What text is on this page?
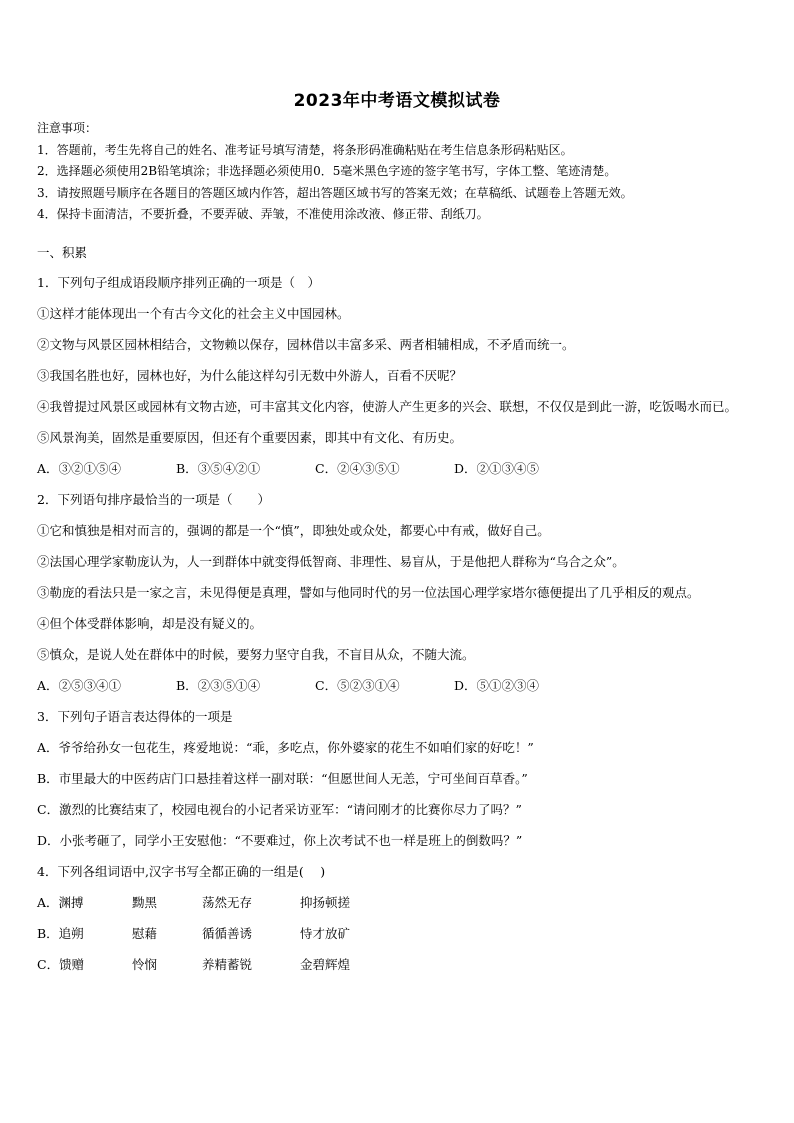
2023年中考语文模拟试卷
注意事项：
1．答题前，考生先将自己的姓名、准考证号填写清楚，将条形码准确粘贴在考生信息条形码粘贴区。
2．选择题必须使用2B铅笔填涂；非选择题必须使用0．5毫米黑色字迹的签字笔书写，字体工整、笔迹清楚。
3．请按照题号顺序在各题目的答题区域内作答，超出答题区域书写的答案无效；在草稿纸、试题卷上答题无效。
4．保持卡面清洁，不要折叠，不要弄破、弄皱，不准使用涂改液、修正带、刮纸刀。
一、积累
1．下列句子组成语段顺序排列正确的一项是（　）
①这样才能体现出一个有古今文化的社会主义中国园林。
②文物与风景区园林相结合，文物赖以保存，园林借以丰富多采、两者相辅相成，不矛盾而统一。
③我国名胜也好，园林也好，为什么能这样勾引无数中外游人，百看不厌呢？
④我曾提过风景区或园林有文物古迹，可丰富其文化内容，使游人产生更多的兴会、联想，不仅仅是到此一游，吃饭喝水而已。
⑤风景洵美，固然是重要原因，但还有个重要因素，即其中有文化、有历史。
A．③②①⑤④	B．③⑤④②①	C．②④③⑤①	D．②①③④⑤
2．下列语句排序最恰当的一项是（　　）
①它和慎独是相对而言的，强调的都是一个“慎”，即独处或众处，都要心中有戒，做好自己。
②法国心理学家勒庞认为，人一到群体中就变得低智商、非理性、易盲从，于是他把人群称为“乌合之众”。
③勒庞的看法只是一家之言，未见得便是真理，譬如与他同时代的另一位法国心理学家塔尔德便提出了几乎相反的观点。
④但个体受群体影响，却是没有疑义的。
⑤慎众，是说人处在群体中的时候，要努力坚守自我，不盲目从众，不随大流。
A．②⑤③④①	B．②③⑤①④	C．⑤②③①④	D．⑤①②③④
3．下列句子语言表达得体的一项是
A．爷爷给孙女一包花生，疼爱地说：“乖，多吃点，你外婆家的花生不如咱们家的好吃！”
B．市里最大的中医药店门口悬挂着这样一副对联：“但愿世间人无恙，宁可坐间百草香。”
C．激烈的比赛结束了，校园电视台的小记者采访亚军：“请问刚才的比赛你尽力了吗？”
D．小张考砸了，同学小王安慰他：“不要难过，你上次考试不也一样是班上的倒数吗？”
4．下列各组词语中,汉字书写全都正确的一组是(　 )
A．渊搏	黝黑	荡然无存	抑扬顿搓
B．追朔	慰藉	循循善诱	恃才放矿
C．馈赠	怜悯	养精蓄锐	金碧辉煌
